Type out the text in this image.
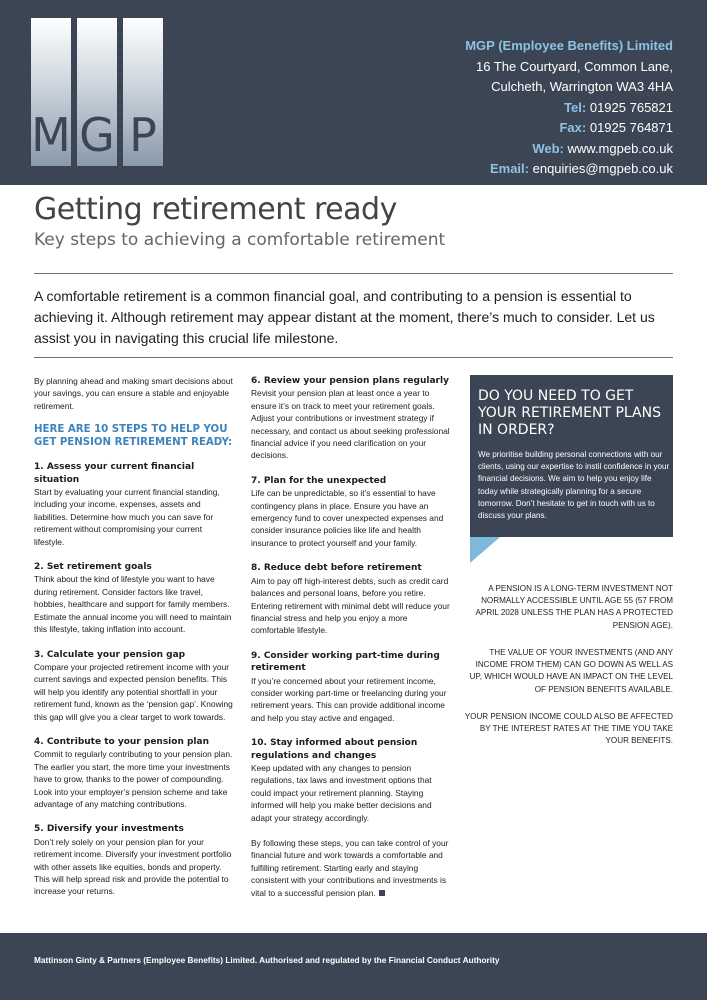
M G P
MGP (Employee Benefits) Limited
16 The Courtyard, Common Lane,
Culcheth, Warrington WA3 4HA
Tel: 01925 765821
Fax: 01925 764871
Web: www.mgpeb.co.uk
Email: enquiries@mgpeb.co.uk
Getting retirement ready
Key steps to achieving a comfortable retirement

A comfortable retirement is a common financial goal, and contributing to a pension is essential to achieving it. Although retirement may appear distant at the moment, there’s much to consider. Let us assist you in navigating this crucial life milestone.

By planning ahead and making smart decisions about your savings, you can ensure a stable and enjoyable retirement.

HERE ARE 10 STEPS TO HELP YOU GET PENSION RETIREMENT READY:
1. Assess your current financial situation

Start by evaluating your current financial standing, including your income, expenses, assets and liabilities. Determine how much you can save for retirement without compromising your current lifestyle.

2. Set retirement goals

Think about the kind of lifestyle you want to have during retirement. Consider factors like travel, hobbies, healthcare and support for family members. Estimate the annual income you will need to maintain this lifestyle, taking inflation into account.

3. Calculate your pension gap

Compare your projected retirement income with your current savings and expected pension benefits. This will help you identify any potential shortfall in your retirement fund, known as the ‘pension gap’. Knowing this gap will give you a clear target to work towards.

4. Contribute to your pension plan

Commit to regularly contributing to your pension plan. The earlier you start, the more time your investments have to grow, thanks to the power of compounding. Look into your employer’s pension scheme and take advantage of any matching contributions.

5. Diversify your investments

Don’t rely solely on your pension plan for your retirement income. Diversify your investment portfolio with other assets like equities, bonds and property. This will help spread risk and provide the potential to increase your returns.

6. Review your pension plans regularly

Revisit your pension plan at least once a year to ensure it’s on track to meet your retirement goals. Adjust your contributions or investment strategy if necessary, and contact us about seeking professional financial advice if you need clarification on your decisions.

7. Plan for the unexpected

Life can be unpredictable, so it’s essential to have contingency plans in place. Ensure you have an emergency fund to cover unexpected expenses and consider insurance policies like life and health insurance to protect yourself and your family.

8. Reduce debt before retirement

Aim to pay off high-interest debts, such as credit card balances and personal loans, before you retire. Entering retirement with minimal debt will reduce your financial stress and help you enjoy a more comfortable lifestyle.

9. Consider working part-time during retirement

If you’re concerned about your retirement income, consider working part-time or freelancing during your retirement years. This can provide additional income and help you stay active and engaged.

10. Stay informed about pension regulations and changes

Keep updated with any changes to pension regulations, tax laws and investment options that could impact your retirement planning. Staying informed will help you make better decisions and adapt your strategy accordingly.

By following these steps, you can take control of your financial future and work towards a comfortable and fulfilling retirement. Starting early and staying consistent with your contributions and investments is vital to a successful pension plan.

DO YOU NEED TO GET YOUR RETIREMENT PLANS IN ORDER?
We prioritise building personal connections with our clients, using our expertise to instil confidence in your financial decisions. We aim to help you enjoy life today while strategically planning for a secure tomorrow. Don’t hesitate to get in touch with us to discuss your plans.

A PENSION IS A LONG-TERM INVESTMENT NOT NORMALLY ACCESSIBLE UNTIL AGE 55 (57 FROM APRIL 2028 UNLESS THE PLAN HAS A PROTECTED PENSION AGE).

THE VALUE OF YOUR INVESTMENTS (AND ANY INCOME FROM THEM) CAN GO DOWN AS WELL AS UP, WHICH WOULD HAVE AN IMPACT ON THE LEVEL OF PENSION BENEFITS AVAILABLE.

YOUR PENSION INCOME COULD ALSO BE AFFECTED BY THE INTEREST RATES AT THE TIME YOU TAKE YOUR BENEFITS.

Mattinson Ginty & Partners (Employee Benefits) Limited. Authorised and regulated by the Financial Conduct Authority
